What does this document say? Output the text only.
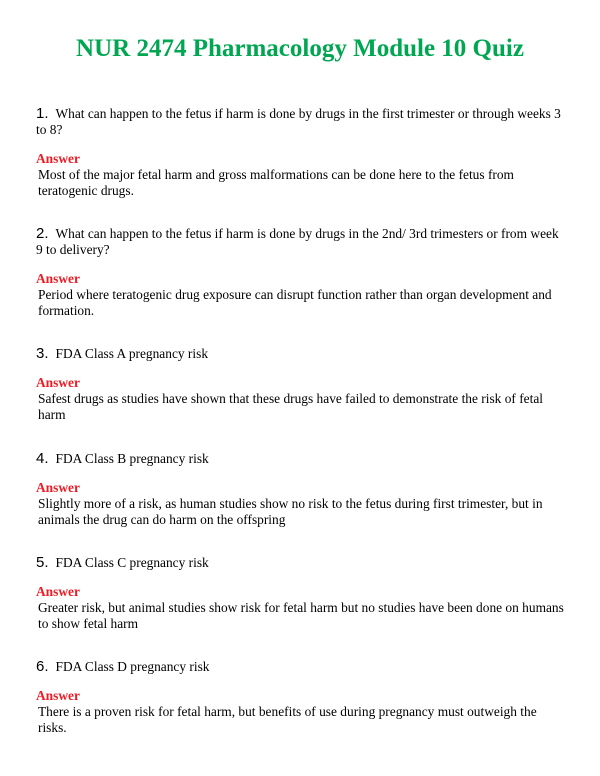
NUR 2474 Pharmacology Module 10 Quiz
1. What can happen to the fetus if harm is done by drugs in the first trimester or through weeks 3 to 8?
Answer
Most of the major fetal harm and gross malformations can be done here to the fetus from teratogenic drugs.
2. What can happen to the fetus if harm is done by drugs in the 2nd/ 3rd trimesters or from week 9 to delivery?
Answer
Period where teratogenic drug exposure can disrupt function rather than organ development and formation.
3. FDA Class A pregnancy risk
Answer
Safest drugs as studies have shown that these drugs have failed to demonstrate the risk of fetal harm
4. FDA Class B pregnancy risk
Answer
Slightly more of a risk, as human studies show no risk to the fetus during first trimester, but in animals the drug can do harm on the offspring
5. FDA Class C pregnancy risk
Answer
Greater risk, but animal studies show risk for fetal harm but no studies have been done on humans to show fetal harm
6. FDA Class D pregnancy risk
Answer
There is a proven risk for fetal harm, but benefits of use during pregnancy must outweigh the risks.
